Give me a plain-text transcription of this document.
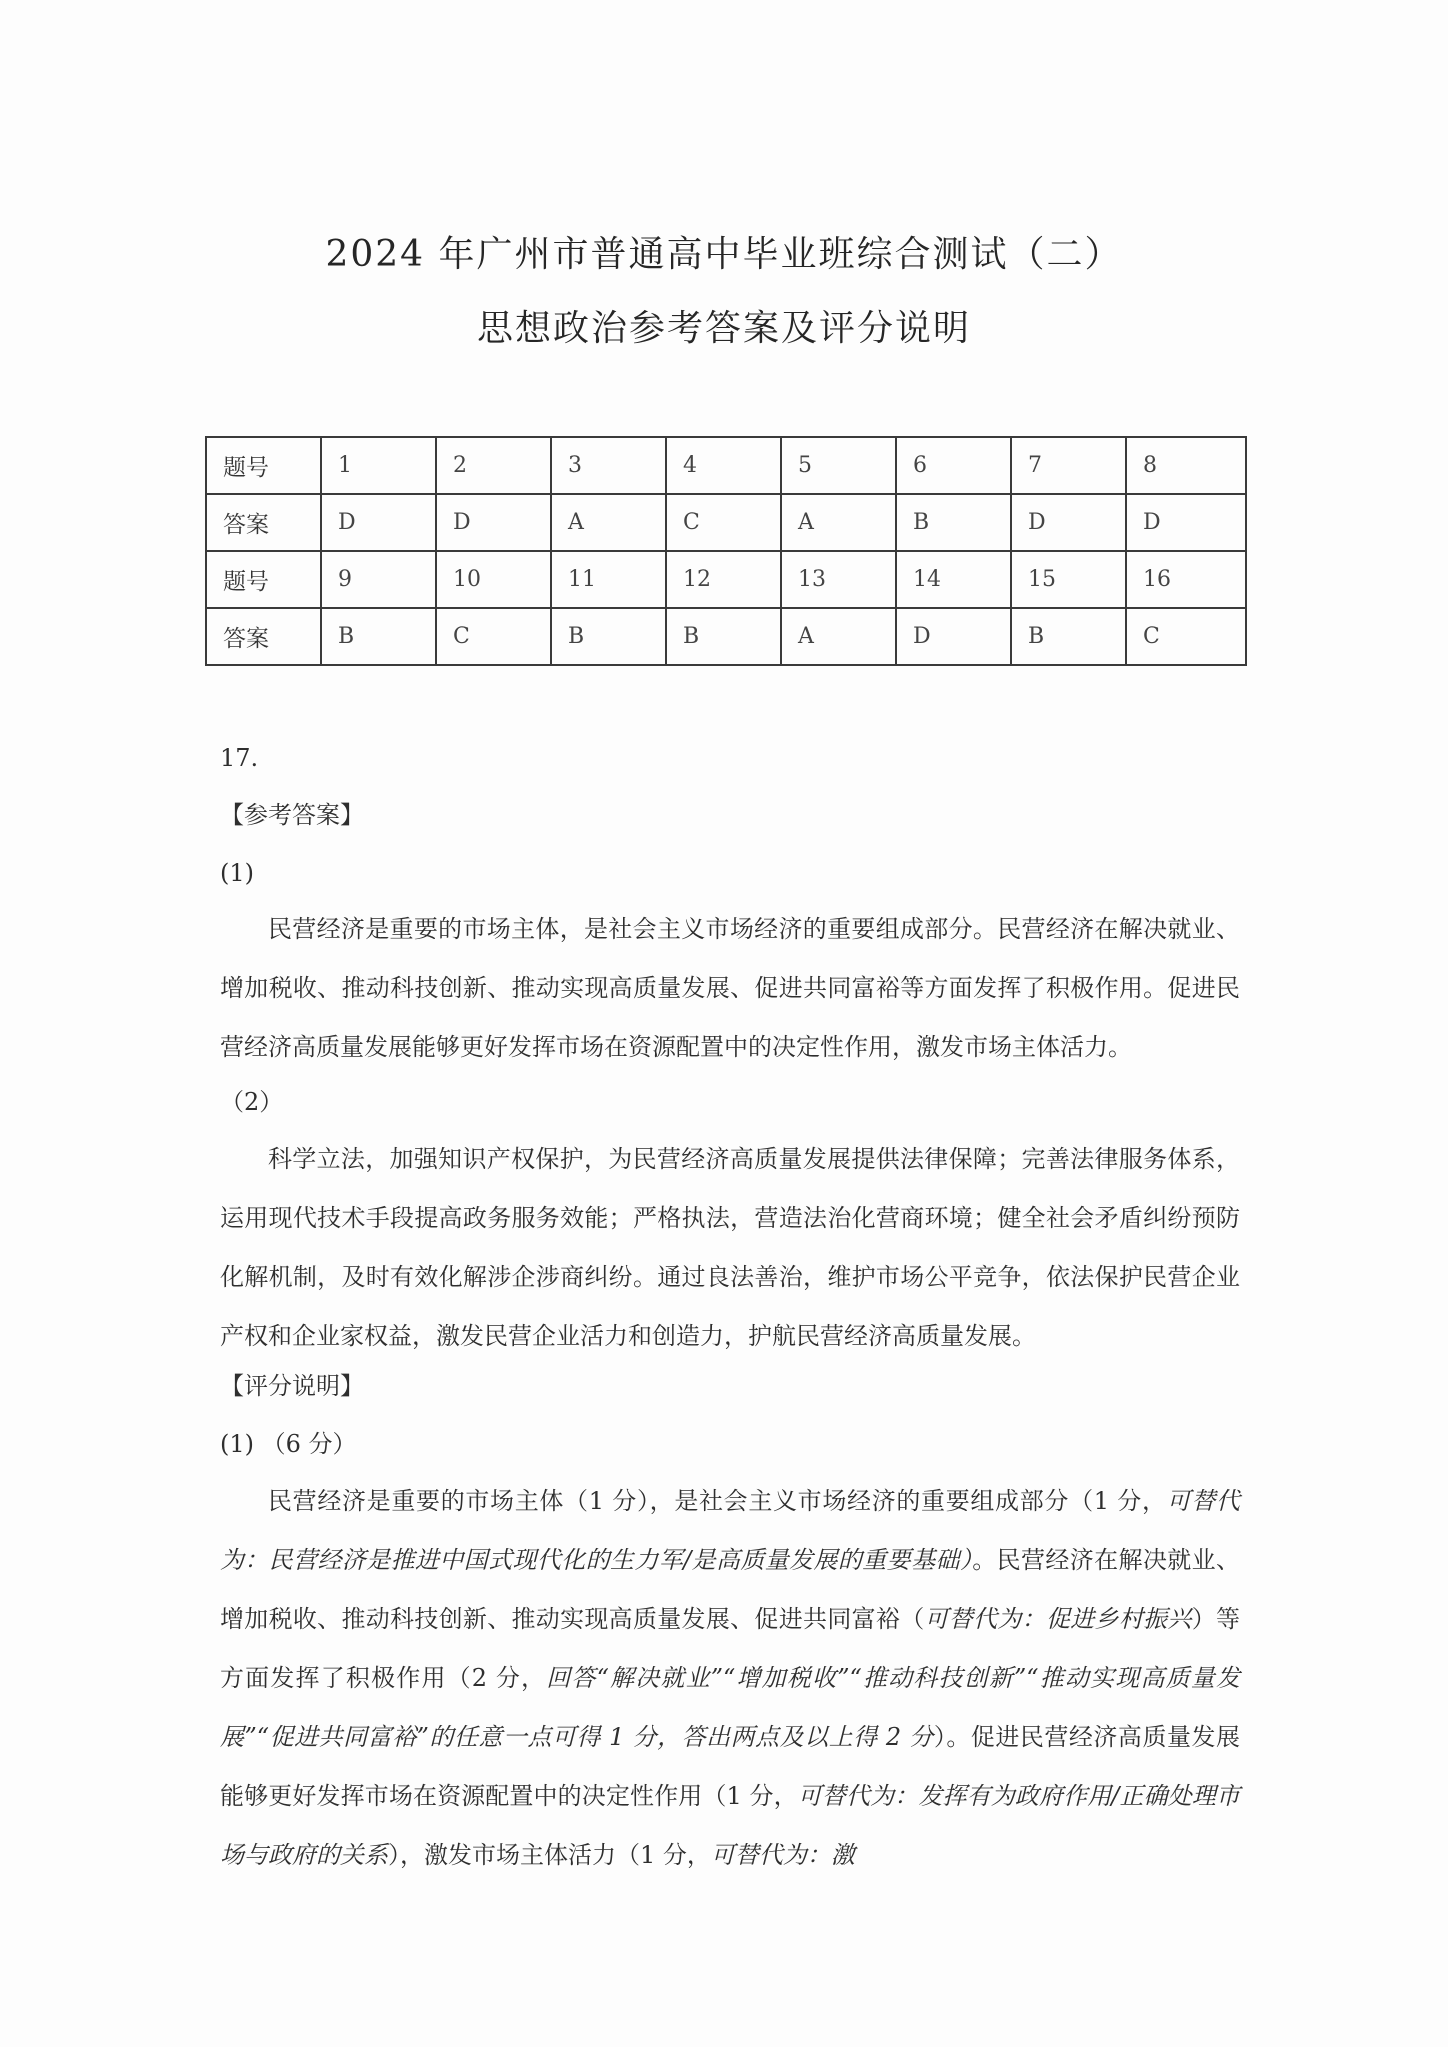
2024 年广州市普通高中毕业班综合测试（二）
思想政治参考答案及评分说明
题号	1	2	3	4	5	6	7	8
答案	D	D	A	C	A	B	D	D
题号	9	10	11	12	13	14	15	16
答案	B	C	B	B	A	D	B	C
17.
【参考答案】
(1)
民营经济是重要的市场主体，是社会主义市场经济的重要组成部分。民营经济在解决就业、增加税收、推动科技创新、推动实现高质量发展、促进共同富裕等方面发挥了积极作用。促进民营经济高质量发展能够更好发挥市场在资源配置中的决定性作用，激发市场主体活力。
（2）
科学立法，加强知识产权保护，为民营经济高质量发展提供法律保障；完善法律服务体系，运用现代技术手段提高政务服务效能；严格执法，营造法治化营商环境；健全社会矛盾纠纷预防化解机制，及时有效化解涉企涉商纠纷。通过良法善治，维护市场公平竞争，依法保护民营企业产权和企业家权益，激发民营企业活力和创造力，护航民营经济高质量发展。
【评分说明】
(1) （6 分）
民营经济是重要的市场主体（1 分），是社会主义市场经济的重要组成部分（1 分，可替代为：民营经济是推进中国式现代化的生力军/是高质量发展的重要基础）。民营经济在解决就业、增加税收、推动科技创新、推动实现高质量发展、促进共同富裕（可替代为：促进乡村振兴）等方面发挥了积极作用（2 分，回答“解决就业”“增加税收”“推动科技创新”“推动实现高质量发展”“促进共同富裕”的任意一点可得 1 分，答出两点及以上得 2 分）。促进民营经济高质量发展能够更好发挥市场在资源配置中的决定性作用（1 分，可替代为：发挥有为政府作用/正确处理市场与政府的关系），激发市场主体活力（1 分，可替代为：激
